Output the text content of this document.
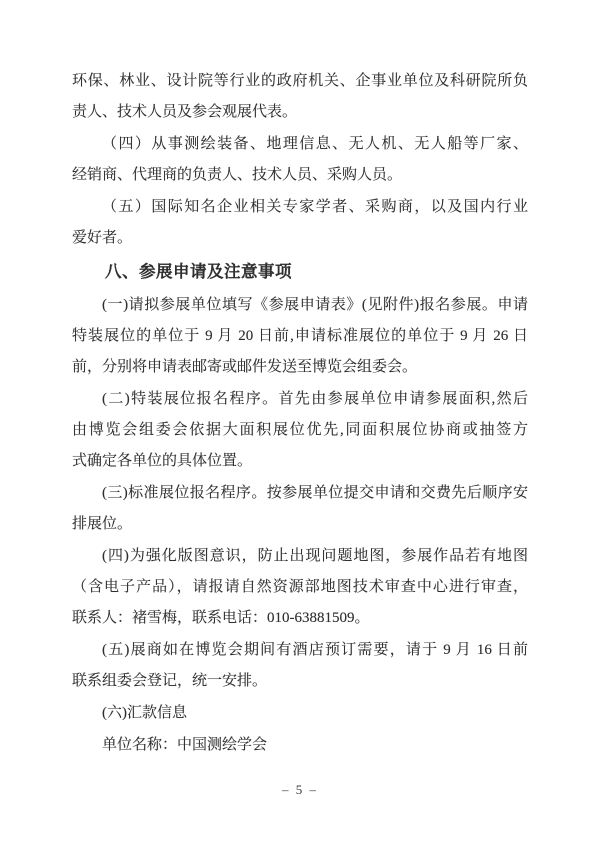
环保、林业、设计院等行业的政府机关、企事业单位及科研院所负
责人、技术人员及参会观展代表。
（四）从事测绘装备、地理信息、无人机、无人船等厂家、
经销商、代理商的负责人、技术人员、采购人员。
（五）国际知名企业相关专家学者、采购商，以及国内行业
爱好者。
八、参展申请及注意事项
(一)请拟参展单位填写《参展申请表》(见附件)报名参展。申请
特装展位的单位于 9 月 20 日前,申请标准展位的单位于 9 月 26 日
前，分别将申请表邮寄或邮件发送至博览会组委会。
(二)特装展位报名程序。首先由参展单位申请参展面积,然后
由博览会组委会依据大面积展位优先,同面积展位协商或抽签方
式确定各单位的具体位置。
(三)标准展位报名程序。按参展单位提交申请和交费先后顺序安
排展位。
(四)为强化版图意识，防止出现问题地图，参展作品若有地图
（含电子产品），请报请自然资源部地图技术审查中心进行审查，
联系人：褚雪梅，联系电话：010-63881509。
(五)展商如在博览会期间有酒店预订需要，请于 9 月 16 日前
联系组委会登记，统一安排。
(六)汇款信息
单位名称：中国测绘学会
– 5 –
